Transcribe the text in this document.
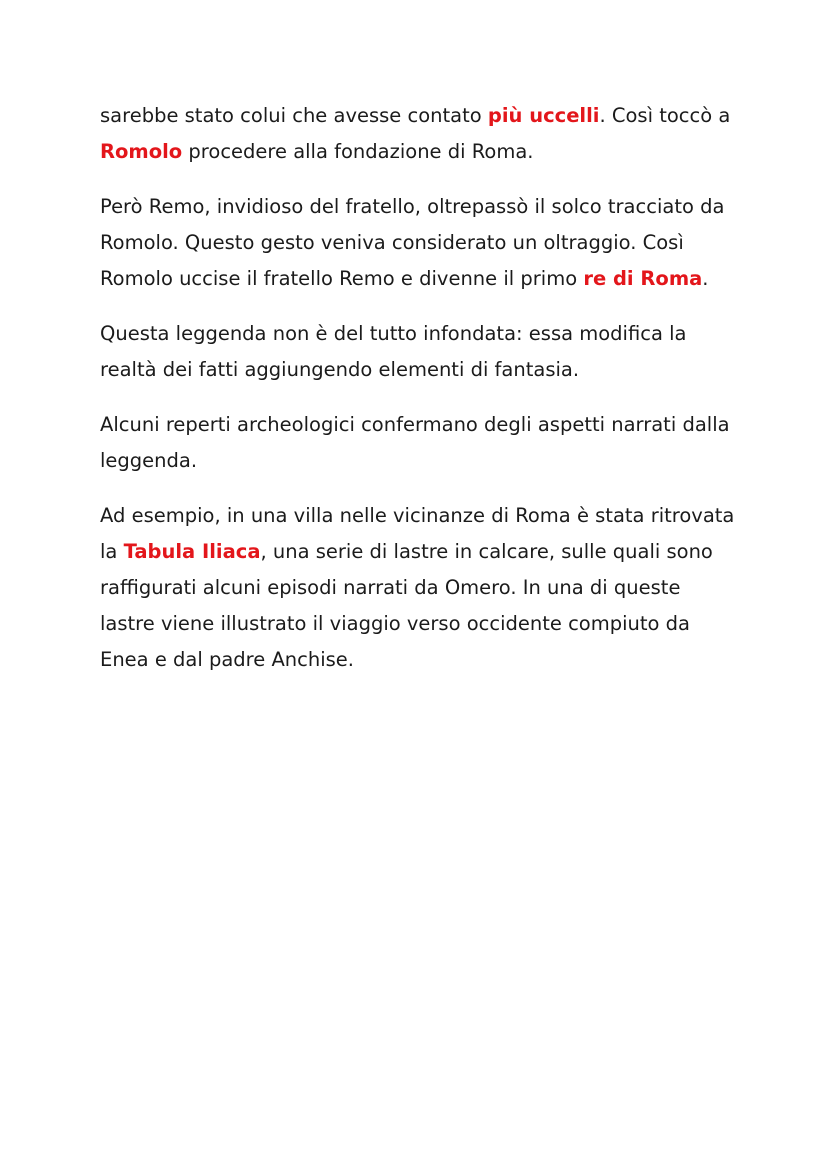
sarebbe stato colui che avesse contato più uccelli. Così toccò a Romolo procedere alla fondazione di Roma.

Però Remo, invidioso del fratello, oltrepassò il solco tracciato da Romolo. Questo gesto veniva considerato un oltraggio. Così Romolo uccise il fratello Remo e divenne il primo re di Roma.

Questa leggenda non è del tutto infondata: essa modifica la realtà dei fatti aggiungendo elementi di fantasia.

Alcuni reperti archeologici confermano degli aspetti narrati dalla leggenda.

Ad esempio, in una villa nelle vicinanze di Roma è stata ritrovata la Tabula Iliaca, una serie di lastre in calcare, sulle quali sono raffigurati alcuni episodi narrati da Omero. In una di queste lastre viene illustrato il viaggio verso occidente compiuto da Enea e dal padre Anchise.
